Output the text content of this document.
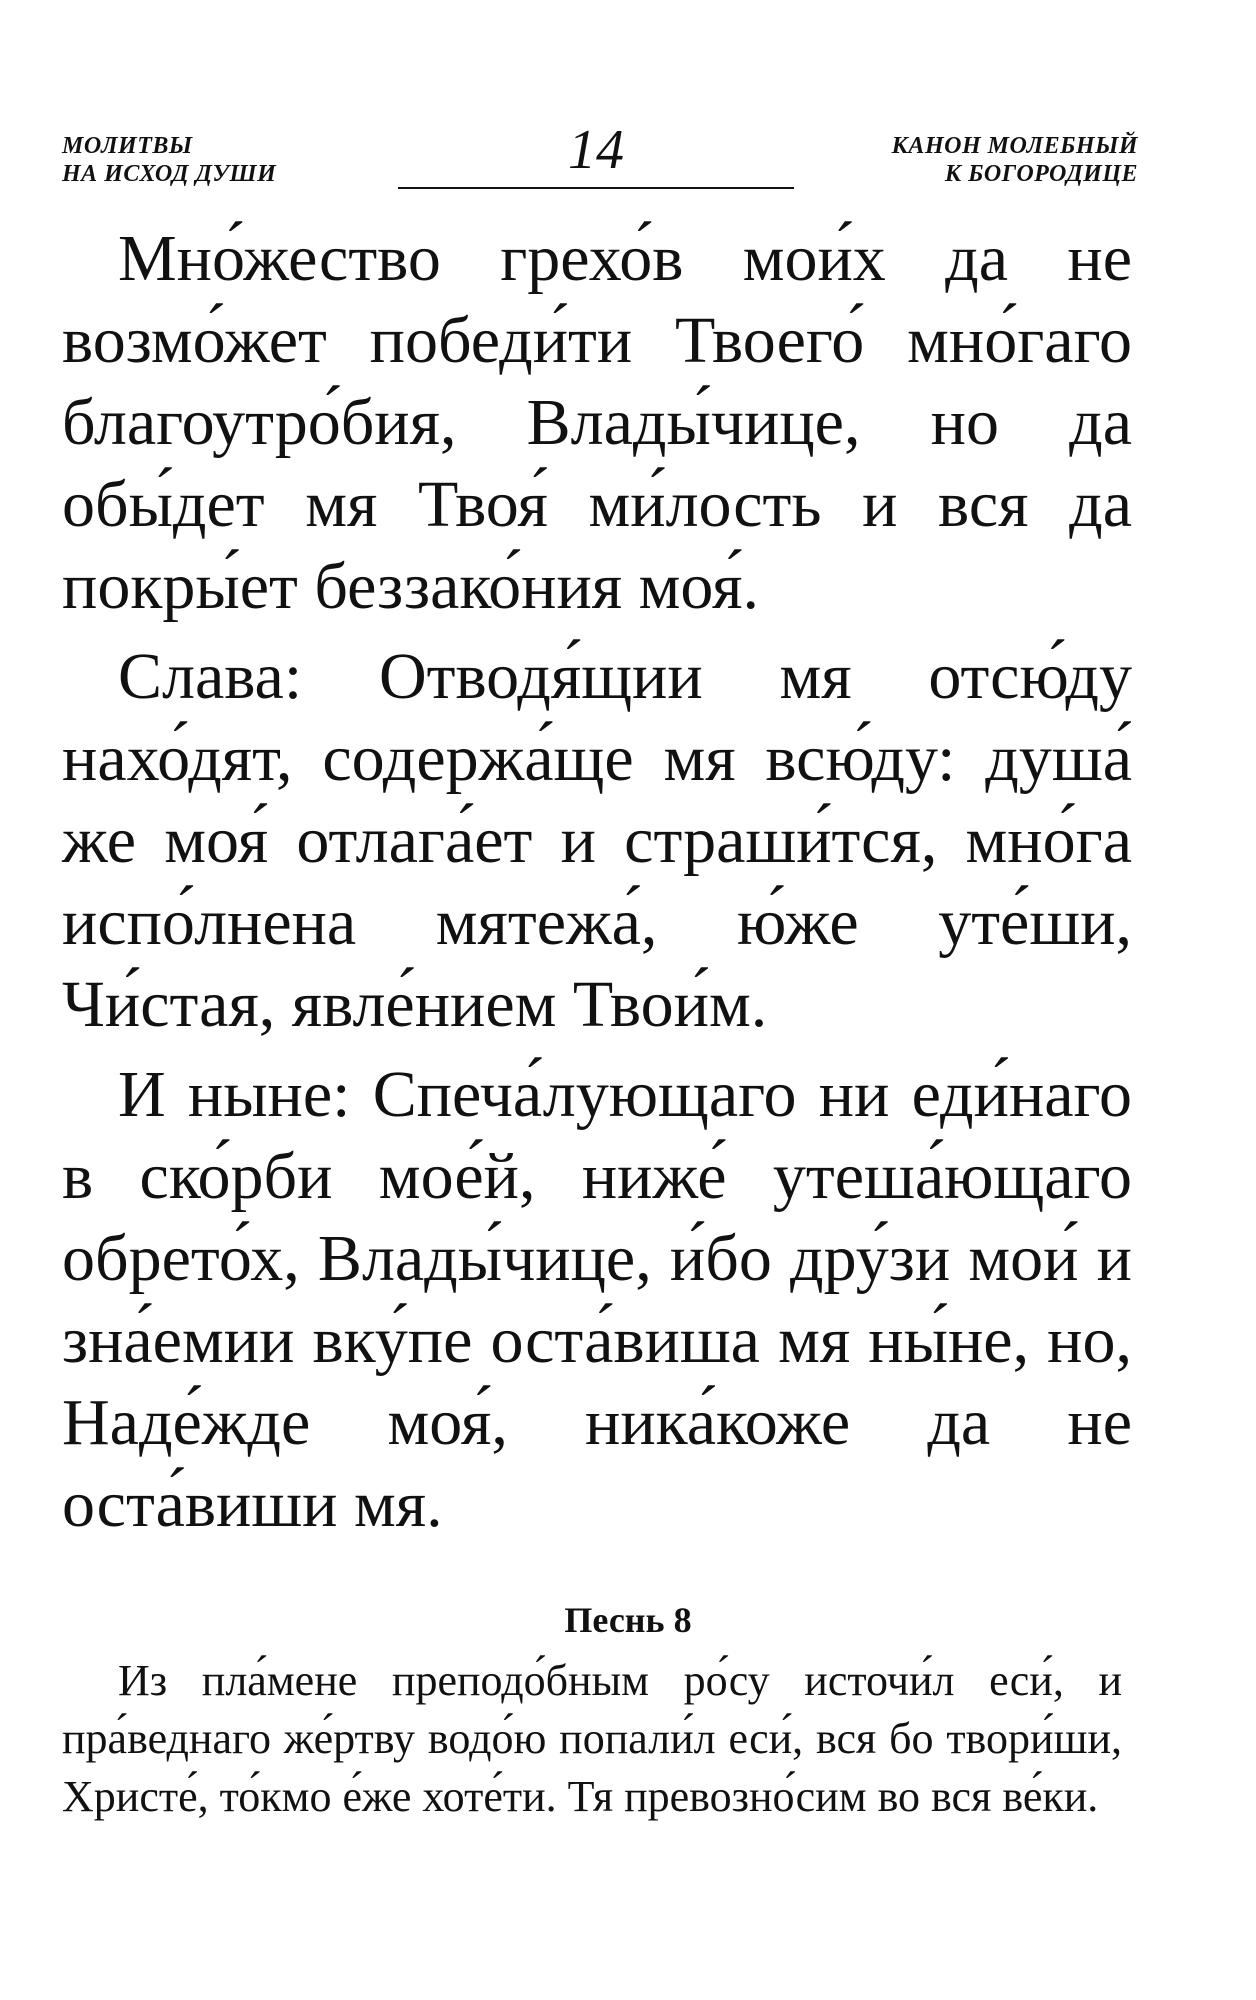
МОЛИТВЫ
НА ИСХОД ДУШИ	14	КАНОН МОЛЕБНЫЙ
К БОГОРОДИЦЕ

Мно́жество грехо́в мои́х да не возмо́жет победи́ти Твоего́ мно́гаго благоутро́бия, Влады́чице, но да обы́дет мя Твоя́ ми́лость и вся да покры́ет беззако́ния моя́.

Слава: Отводя́щии мя отсю́ду нахо́дят, содержа́ще мя всю́ду: душа́ же моя́ отлага́ет и страши́тся, мно́га испо́лнена мятежа́, ю́же уте́ши, Чи́стая, явле́нием Твои́м.

И ныне: Спеча́лующаго ни еди́наго в ско́рби мое́й, ниже́ утеша́ющаго обрето́х, Влады́чице, и́бо дру́зи мои́ и зна́емии вку́пе оста́виша мя ны́не, но, Наде́жде моя́, ника́коже да не оста́виши мя.

Песнь 8

Из пла́мене преподо́бным ро́су источи́л еси́, и пра́веднаго же́ртву водо́ю попали́л еси́, вся бо твори́ши, Христе́, то́кмо е́же хоте́ти. Тя превозно́сим во вся ве́ки.
